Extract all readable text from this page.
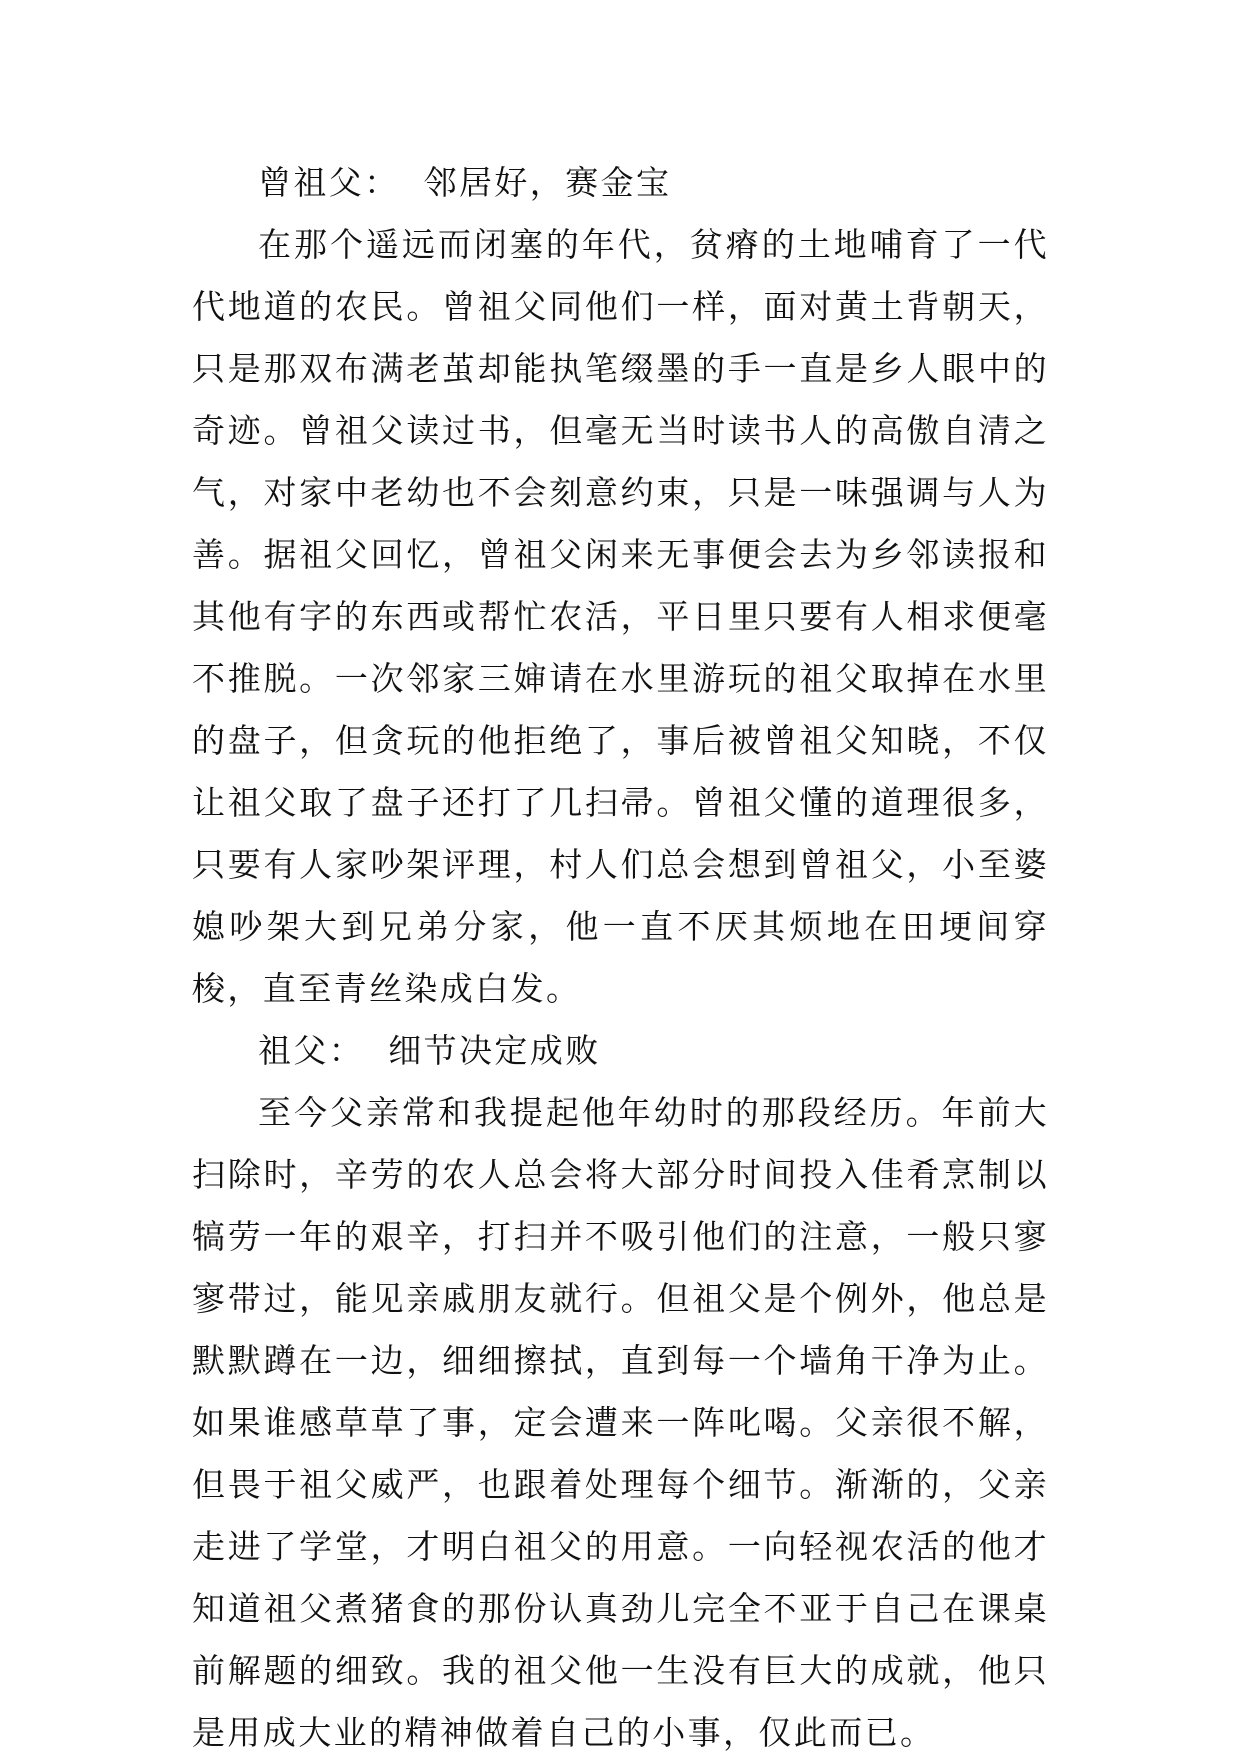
曾祖父： 邻居好，赛金宝

在那个遥远而闭塞的年代，贫瘠的土地哺育了一代代地道的农民。曾祖父同他们一样，面对黄土背朝天，只是那双布满老茧却能执笔缀墨的手一直是乡人眼中的奇迹。曾祖父读过书，但毫无当时读书人的高傲自清之气，对家中老幼也不会刻意约束，只是一味强调与人为善。据祖父回忆，曾祖父闲来无事便会去为乡邻读报和其他有字的东西或帮忙农活，平日里只要有人相求便毫不推脱。一次邻家三婶请在水里游玩的祖父取掉在水里的盘子，但贪玩的他拒绝了，事后被曾祖父知晓，不仅让祖父取了盘子还打了几扫帚。曾祖父懂的道理很多，只要有人家吵架评理，村人们总会想到曾祖父，小至婆媳吵架大到兄弟分家，他一直不厌其烦地在田埂间穿梭，直至青丝染成白发。

祖父： 细节决定成败

至今父亲常和我提起他年幼时的那段经历。年前大扫除时，辛劳的农人总会将大部分时间投入佳肴烹制以犒劳一年的艰辛，打扫并不吸引他们的注意，一般只寥寥带过，能见亲戚朋友就行。但祖父是个例外，他总是默默蹲在一边，细细擦拭，直到每一个墙角干净为止。如果谁感草草了事，定会遭来一阵叱喝。父亲很不解，但畏于祖父威严，也跟着处理每个细节。渐渐的，父亲走进了学堂，才明白祖父的用意。一向轻视农活的他才知道祖父煮猪食的那份认真劲儿完全不亚于自己在课桌前解题的细致。我的祖父他一生没有巨大的成就，他只是用成大业的精神做着自己的小事，仅此而已。
